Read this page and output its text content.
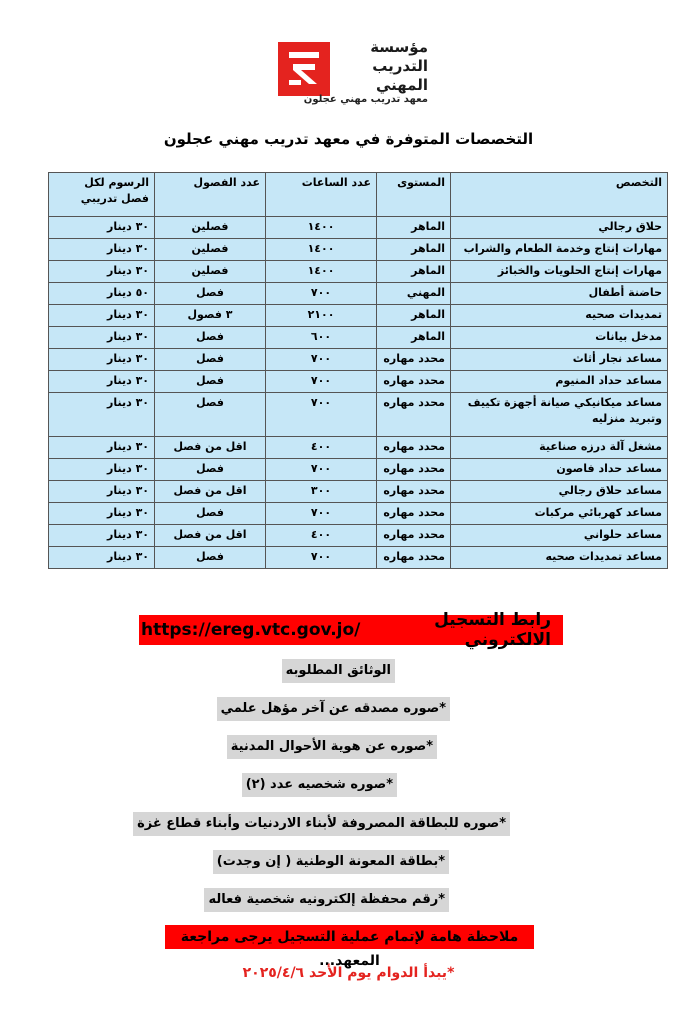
مؤسسة
التدريب
المهني
معهد تدريب مهني عجلون
التخصصات المتوفرة في معهد تدريب مهني عجلون
التخصص	المستوى	عدد الساعات	عدد الفصول	الرسوم لكل فصل تدريبي
حلاق رجالي	الماهر	١٤٠٠	فصلين	٣٠ دينار
مهارات إنتاج وخدمة الطعام والشراب	الماهر	١٤٠٠	فصلين	٣٠ دينار
مهارات إنتاج الحلويات والخبائز	الماهر	١٤٠٠	فصلين	٣٠ دينار
حاضنة أطفال	المهني	٧٠٠	فصل	٥٠ دينار
تمديدات صحيه	الماهر	٢١٠٠	٣ فصول	٣٠ دينار
مدخل بيانات	الماهر	٦٠٠	فصل	٣٠ دينار
مساعد نجار أثاث	محدد مهاره	٧٠٠	فصل	٣٠ دينار
مساعد حداد المنيوم	محدد مهاره	٧٠٠	فصل	٣٠ دينار
مساعد ميكانيكي صيانة أجهزة تكييف وتبريد منزليه	محدد مهاره	٧٠٠	فصل	٣٠ دينار
مشغل آلة درزه صناعية	محدد مهاره	٤٠٠	اقل من فصل	٣٠ دينار
مساعد حداد فاصون	محدد مهاره	٧٠٠	فصل	٣٠ دينار
مساعد حلاق رجالي	محدد مهاره	٣٠٠	اقل من فصل	٣٠ دينار
مساعد كهربائي مركبات	محدد مهاره	٧٠٠	فصل	٣٠ دينار
مساعد حلواني	محدد مهاره	٤٠٠	اقل من فصل	٣٠ دينار
مساعد تمديدات صحيه	محدد مهاره	٧٠٠	فصل	٣٠ دينار
https://ereg.vtc.gov.jo/	رابط التسجيل الالكتروني
الوثائق المطلوبه
*صوره مصدقه عن آخر مؤهل علمي
*صوره عن هوية الأحوال المدنية
*صوره شخصيه عدد (٢)
*صوره للبطاقة المصروفة لأبناء الاردنيات وأبناء قطاع غزة
*بطاقة المعونة الوطنية ( إن وجدت)
*رقم محفظة إلكترونيه شخصية فعاله
ملاحظة هامة لإتمام عملية التسجيل يرجى مراجعة المعهد...
*يبدأ الدوام يوم الأحد ٢٠٢٥/٤/٦
